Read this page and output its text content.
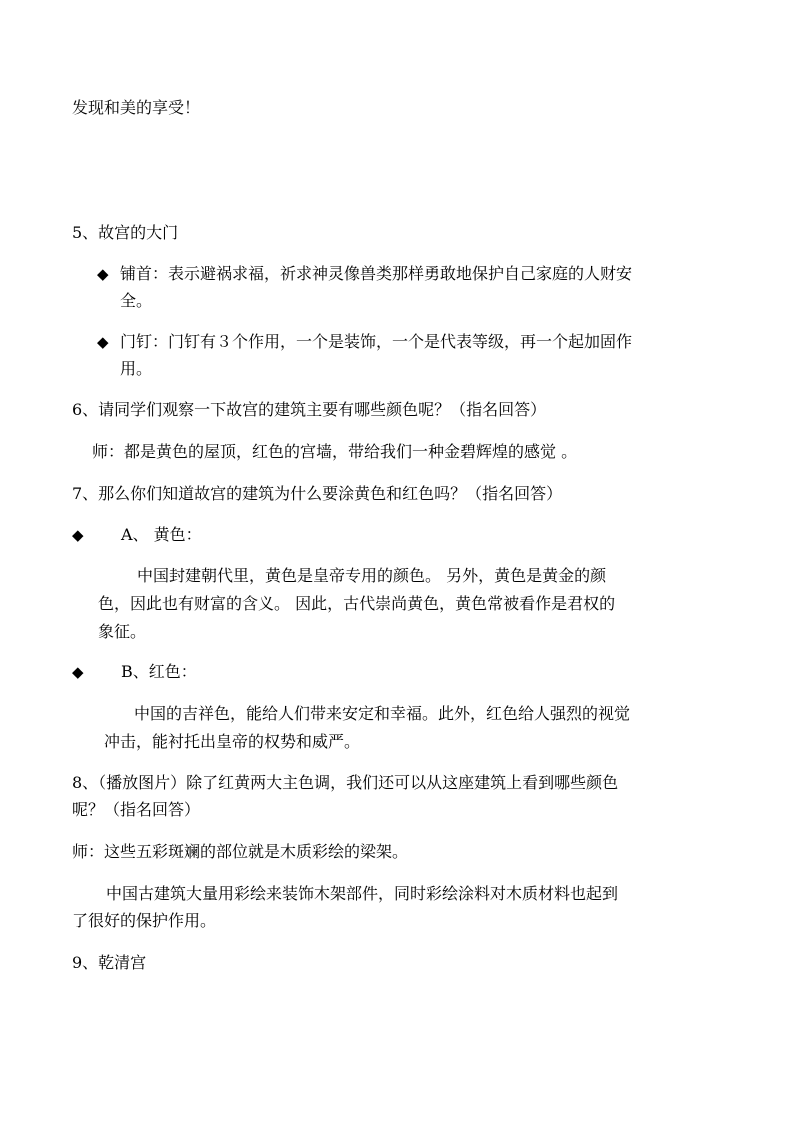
发现和美的享受！
5、故宫的大门
◆ 铺首：表示避祸求福，祈求神灵像兽类那样勇敢地保护自己家庭的人财安
全。
◆ 门钉：门钉有３个作用，一个是装饰，一个是代表等级，再一个起加固作
用。
6、请同学们观察一下故宫的建筑主要有哪些颜色呢？（指名回答）
师：都是黄色的屋顶，红色的宫墙，带给我们一种金碧辉煌的感觉 。
7、那么你们知道故宫的建筑为什么要涂黄色和红色吗？（指名回答）
◆ A、 黄色：
中国封建朝代里，黄色是皇帝专用的颜色。 另外，黄色是黄金的颜
色，因此也有财富的含义。 因此，古代崇尚黄色，黄色常被看作是君权的
象征。
◆ B、红色：
中国的吉祥色，能给人们带来安定和幸福。此外，红色给人强烈的视觉
冲击，能衬托出皇帝的权势和威严。
8、（播放图片）除了红黄两大主色调，我们还可以从这座建筑上看到哪些颜色
呢？（指名回答）
师：这些五彩斑斓的部位就是木质彩绘的梁架。
中国古建筑大量用彩绘来装饰木架部件，同时彩绘涂料对木质材料也起到
了很好的保护作用。
9、乾清宫
